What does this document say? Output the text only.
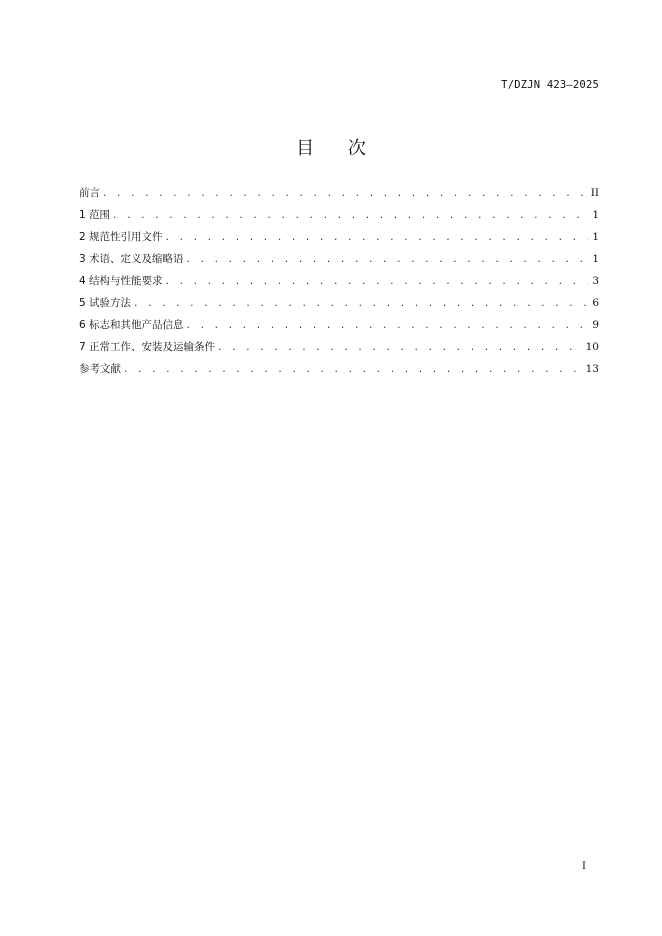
T/DZJN 423—2025
目 次
前言 . . .	II
1 范围 . . .	1
2 规范性引用文件 . . .	1
3 术语、定义及缩略语 . . .	1
4 结构与性能要求 . . .	3
5 试验方法 . . .	6
6 标志和其他产品信息 . . .	9
7 正常工作、安装及运输条件 . . .	10
参考文献 . . .	13
I
